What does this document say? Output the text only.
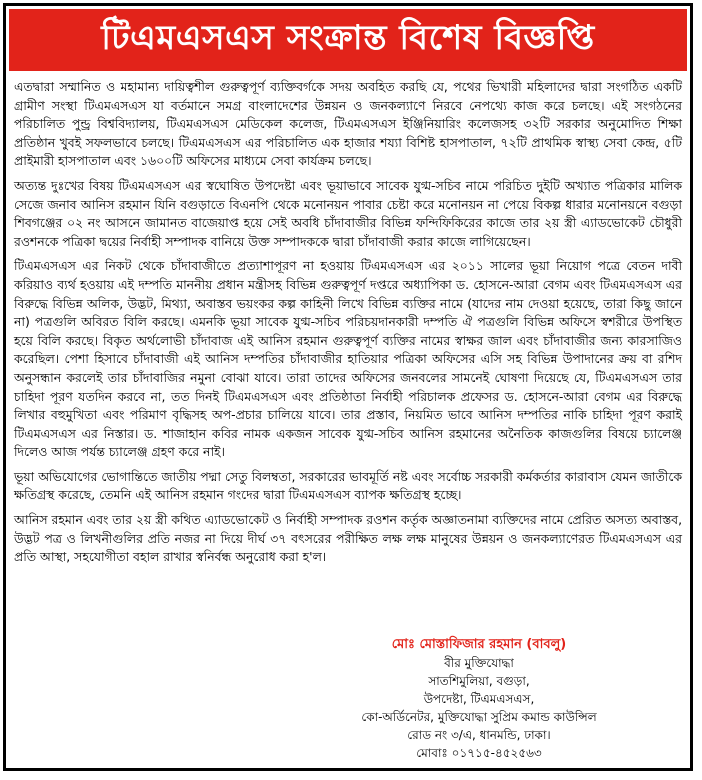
টিএমএসএস সংক্রান্ত বিশেষ বিজ্ঞপ্তি

এতদ্বারা সম্মানিত ও মহামান্য দায়িত্বশীল গুরুত্বপূর্ণ ব্যক্তিবর্গকে সদয় অবহিত করছি যে, পথের ভিখারী মহিলাদের দ্বারা সংগঠিত একটি গ্রামীণ সংস্থা টিএমএসএস যা বর্তমানে সমগ্র বাংলাদেশের উন্নয়ন ও জনকল্যাণে নিরবে নেপথ্যে কাজ করে চলছে। এই সংগঠনের পরিচালিত পুন্ড্র বিশ্ববিদ্যালয়, টিএমএসএস মেডিকেল কলেজ, টিএমএসএস ইঞ্জিনিয়ারিং কলেজসহ ৩২টি সরকার অনুমোদিত শিক্ষা প্রতিষ্ঠান খুবই সফলভাবে চলছে। টিএমএসএস এর পরিচালিত এক হাজার শয্যা বিশিষ্ট হাসপাতাল, ৭২টি প্রাথমিক স্বাস্থ্য সেবা কেন্দ্র, ৫টি প্রাইমারী হাসপাতাল এবং ১৬০০টি অফিসের মাধ্যমে সেবা কার্যক্রম চলছে।

অত্যন্ত দুঃখের বিষয় টিএমএসএস এর স্বঘোষিত উপদেষ্টা এবং ভূয়াভাবে সাবেক যুগ্ম-সচিব নামে পরিচিত দুইটি অখ্যাত পত্রিকার মালিক সেজে জনাব আনিস রহমান যিনি বগুড়াতে বিএনপি থেকে মনোনয়ন পাবার চেষ্টা করে মনোনয়ন না পেয়ে বিকল্প ধারার মনোনয়নে বগুড়া শিবগঞ্জের ০২ নং আসনে জামানত বাজেয়াপ্ত হয়ে সেই অবধি চাঁদাবাজীর বিভিন্ন ফন্দিফিকিরের কাজে তার ২য় স্ত্রী এ্যাডভোকেট চৌধুরী রওশনকে পত্রিকা দ্বয়ের নির্বাহী সম্পাদক বানিয়ে উক্ত সম্পাদককে দ্বারা চাঁদাবাজী করার কাজে লাগিয়েছেন।

টিএমএসএস এর নিকট থেকে চাঁদাবাজীতে প্রত্যাশাপূরণ না হওয়ায় টিএমএসএস এর ২০১১ সালের ভূয়া নিয়োগ পত্রে বেতন দাবী করিয়াও ব্যর্থ হওয়ায় এই দম্পতি মাননীয় প্রধান মন্ত্রীসহ বিভিন্ন গুরুত্বপূর্ণ দপ্তরে অধ্যাপিকা ড. হোসনে-আরা বেগম এবং টিএমএসএস এর বিরুদ্ধে বিভিন্ন অলিক, উদ্ভট, মিথ্যা, অবাস্তব ভয়ংকর কল্প কাহিনী লিখে বিভিন্ন ব্যক্তির নামে (যাদের নাম দেওয়া হয়েছে, তারা কিছু জানে না) পত্রগুলি অবিরত বিলি করছে। এমনকি ভূয়া সাবেক যুগ্ম-সচিব পরিচয়দানকারী দম্পতি ঐ পত্রগুলি বিভিন্ন অফিসে স্বশরীরে উপস্থিত হয়ে বিলি করছে। বিকৃত অর্থলোভী চাঁদাবাজ এই আনিস রহমান গুরুত্বপূর্ণ ব্যক্তির নামের স্বাক্ষর জাল এবং চাঁদাবাজীর জন্য কারসাজিও করেছিল। পেশা হিসাবে চাঁদাবাজী এই আনিস দম্পতির চাঁদাবাজীর হাতিয়ার পত্রিকা অফিসের এসি সহ বিভিন্ন উপাদানের ক্রয় বা রশিদ অনুসন্ধান করলেই তার চাঁদাবাজির নমুনা বোঝা যাবে। তারা তাদের অফিসের জনবলের সামনেই ঘোষণা দিয়েছে যে, টিএমএসএস তার চাহিদা পূরণ যতদিন করবে না, তত দিনই টিএমএসএস এবং প্রতিষ্ঠাতা নির্বাহী পরিচালক প্রফেসর ড. হোসনে-আরা বেগম এর বিরুদ্ধে লিখার বহুমুখিতা এবং পরিমাণ বৃদ্ধিসহ অপ-প্রচার চালিয়ে যাবে। তার প্রস্তাব, নিয়মিত ভাবে আনিস দম্পতির নাকি চাহিদা পূরণ করাই টিএমএসএস এর নিস্তার। ড. শাজাহান কবির নামক একজন সাবেক যুগ্ম-সচিব আনিস রহমানের অনৈতিক কাজগুলির বিষয়ে চ্যালেঞ্জ দিলেও আজ পর্যন্ত চ্যালেঞ্জ গ্রহণ করে নাই।

ভূয়া অভিযোগের ভোগান্তিতে জাতীয় পদ্মা সেতু বিলম্বতা, সরকারের ভাবমূর্তি নষ্ট এবং সর্বোচ্চ সরকারী কর্মকর্তার কারাবাস যেমন জাতীকে ক্ষতিগ্রস্থ করেছে, তেমনি এই আনিস রহমান গংদের দ্বারা টিএমএসএস ব্যাপক ক্ষতিগ্রস্থ হচ্ছে।

আনিস রহমান এবং তার ২য় স্ত্রী কথিত এ্যাডভোকেট ও নির্বাহী সম্পাদক রওশন কর্তৃক অজ্ঞাতনামা ব্যক্তিদের নামে প্রেরিত অসত্য অবাস্তব, উদ্ভট পত্র ও লিখনীগুলির প্রতি নজর না দিয়ে দীর্ঘ ৩৭ বৎসরের পরীক্ষিত লক্ষ লক্ষ মানুষের উন্নয়ন ও জনকল্যাণেরত টিএমএসএস এর প্রতি আস্থা, সহযোগীতা বহাল রাখার স্বনির্বন্ধ অনুরোধ করা হ'ল।

মোঃ মোস্তাফিজার রহমান (বাবলু)
বীর মুক্তিযোদ্ধা
সাতশিমুলিয়া, বগুড়া,
উপদেষ্টা, টিএমএসএস,
কো-অর্ডিনেটর, মুক্তিযোদ্ধা সুপ্রিম কমান্ড কাউন্সিল
রোড নং ৩/এ, ধানমন্ডি, ঢাকা।
মোবাঃ ০১৭১৫-৪৫২৫৬৩
